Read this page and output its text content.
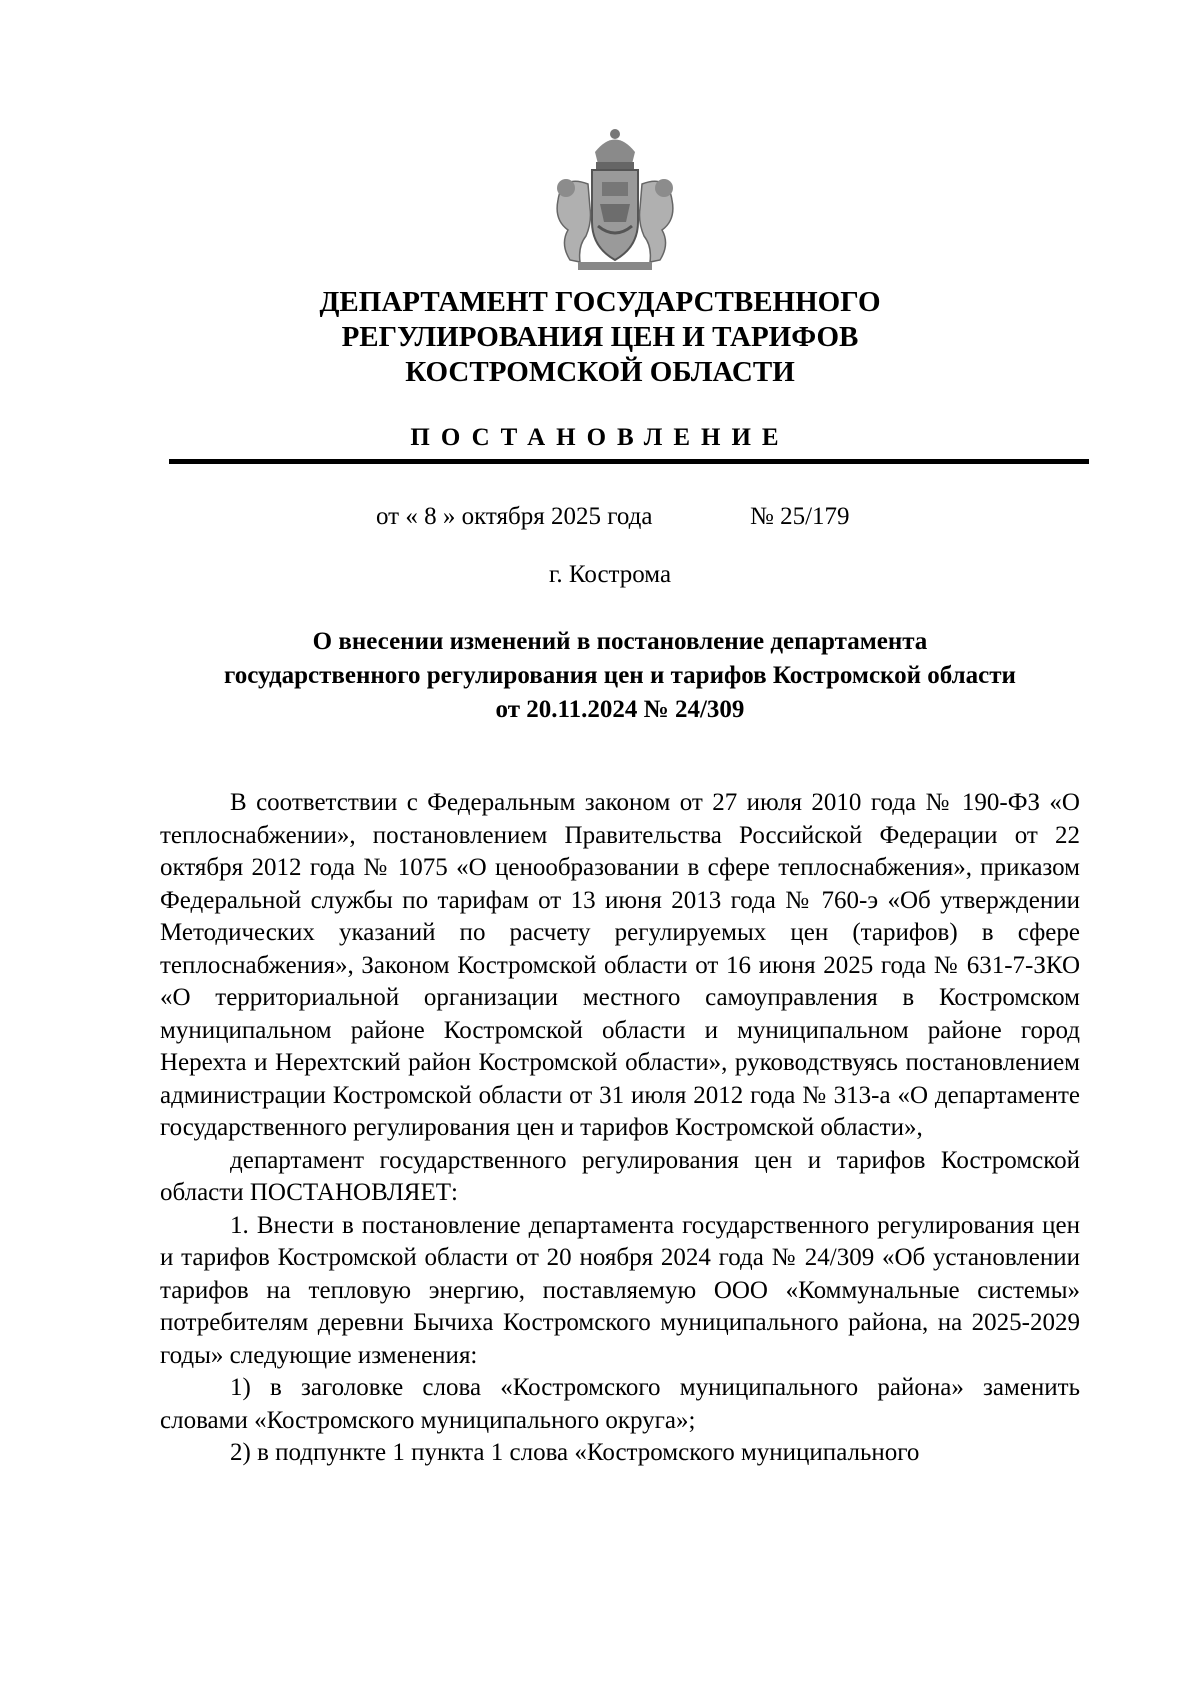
ДЕПАРТАМЕНТ ГОСУДАРСТВЕННОГО
РЕГУЛИРОВАНИЯ ЦЕН И ТАРИФОВ
КОСТРОМСКОЙ ОБЛАСТИ
ПОСТАНОВЛЕНИЕ
от « 8 » октября 2025 года	№ 25/179
г. Кострома
О внесении изменений в постановление департамента
государственного регулирования цен и тарифов Костромской области
от 20.11.2024 № 24/309

В соответствии с Федеральным законом от 27 июля 2010 года № 190-ФЗ «О теплоснабжении», постановлением Правительства Российской Федерации от 22 октября 2012 года № 1075 «О ценообразовании в сфере теплоснабжения», приказом Федеральной службы по тарифам от 13 июня 2013 года № 760-э «Об утверждении Методических указаний по расчету регулируемых цен (тарифов) в сфере теплоснабжения», Законом Костромской области от 16 июня 2025 года № 631-7-ЗКО «О территориальной организации местного самоуправления в Костромском муниципальном районе Костромской области и муниципальном районе город Нерехта и Нерехтский район Костромской области», руководствуясь постановлением администрации Костромской области от 31 июля 2012 года № 313-а «О департаменте государственного регулирования цен и тарифов Костромской области»,

департамент государственного регулирования цен и тарифов Костромской области ПОСТАНОВЛЯЕТ:

1. Внести в постановление департамента государственного регулирования цен и тарифов Костромской области от 20 ноября 2024 года № 24/309 «Об установлении тарифов на тепловую энергию, поставляемую ООО «Коммунальные системы» потребителям деревни Бычиха Костромского муниципального района, на 2025-2029 годы» следующие изменения:

1) в заголовке слова «Костромского муниципального района» заменить словами «Костромского муниципального округа»;

2) в подпункте 1 пункта 1 слова «Костромского муниципального
